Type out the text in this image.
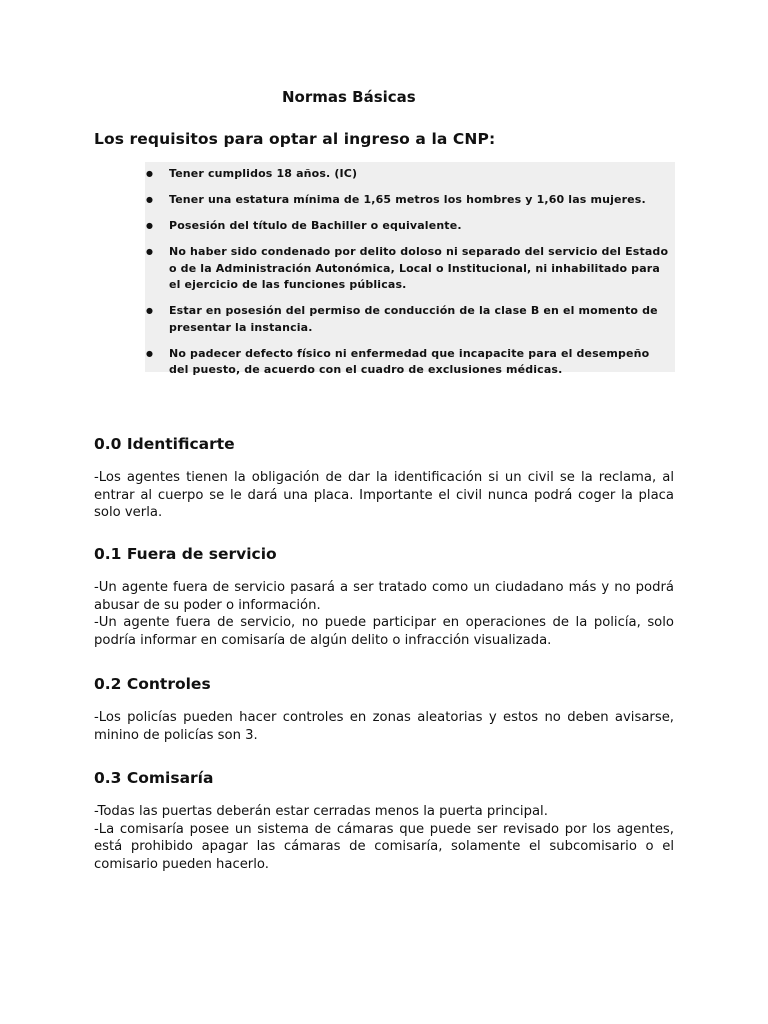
Normas Básicas
Los requisitos para optar al ingreso a la CNP:
● Tener cumplidos 18 años. (IC)
● Tener una estatura mínima de 1,65 metros los hombres y 1,60 las mujeres.
● Posesión del título de Bachiller o equivalente.
● No haber sido condenado por delito doloso ni separado del servicio del Estado o de la Administración Autonómica, Local o Institucional, ni inhabilitado para el ejercicio de las funciones públicas.
● Estar en posesión del permiso de conducción de la clase B en el momento de presentar la instancia.
● No padecer defecto físico ni enfermedad que incapacite para el desempeño del puesto, de acuerdo con el cuadro de exclusiones médicas.
0.0 Identificarte

-Los agentes tienen la obligación de dar la identificación si un civil se la reclama, al entrar al cuerpo se le dará una placa. Importante el civil nunca podrá coger la placa solo verla.

0.1 Fuera de servicio

-Un agente fuera de servicio pasará a ser tratado como un ciudadano más y no podrá abusar de su poder o información.

-Un agente fuera de servicio, no puede participar en operaciones de la policía, solo podría informar en comisaría de algún delito o infracción visualizada.

0.2 Controles

-Los policías pueden hacer controles en zonas aleatorias y estos no deben avisarse, minino de policías son 3.

0.3 Comisaría

-Todas las puertas deberán estar cerradas menos la puerta principal.

-La comisaría posee un sistema de cámaras que puede ser revisado por los agentes, está prohibido apagar las cámaras de comisaría, solamente el subcomisario o el comisario pueden hacerlo.
